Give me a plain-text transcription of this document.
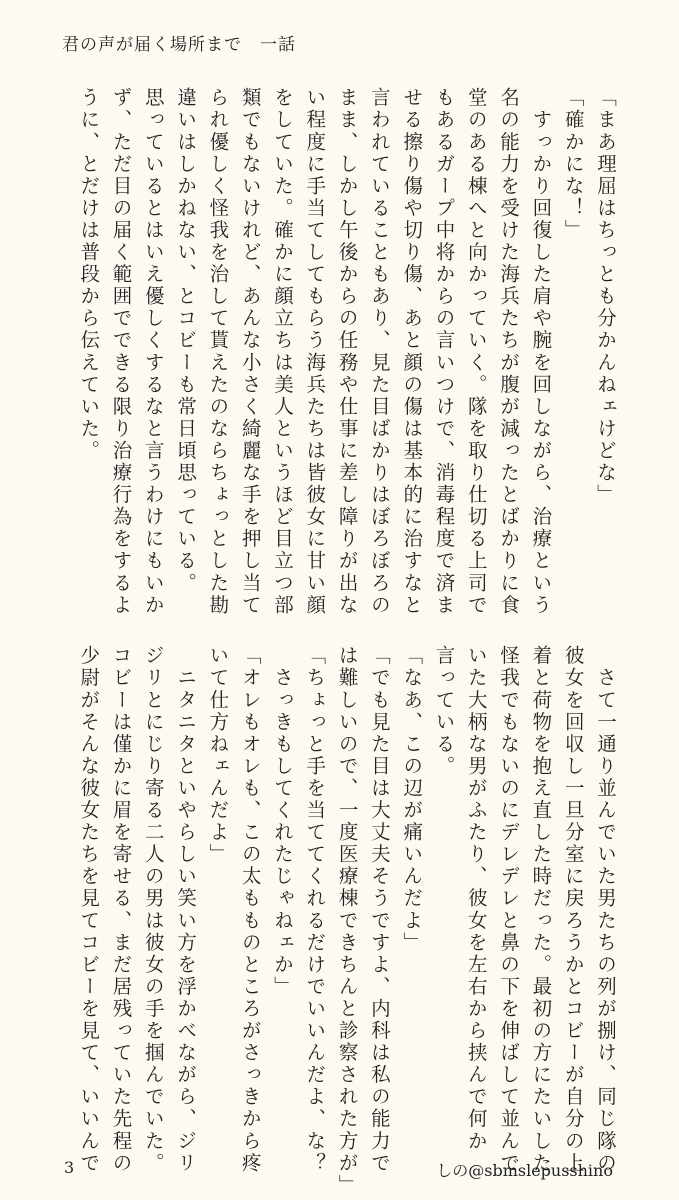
君の声が届く場所まで　一話
「まあ理屈はちっとも分かんねェけどな」
「確かにな！」
　すっかり回復した肩や腕を回しながら、治療という
名の能力を受けた海兵たちが腹が減ったとばかりに食
堂のある棟へと向かっていく。隊を取り仕切る上司で
もあるガープ中将からの言いつけで、消毒程度で済ま
せる擦り傷や切り傷、あと顔の傷は基本的に治すなと
言われていることもあり、見た目ばかりはぼろぼろの
まま、しかし午後からの任務や仕事に差し障りが出な
い程度に手当てしてもらう海兵たちは皆彼女に甘い顔
をしていた。確かに顔立ちは美人というほど目立つ部
類でもないけれど、あんな小さく綺麗な手を押し当て
られ優しく怪我を治して貰えたのならちょっとした勘
違いはしかねない、とコビーも常日頃思っている。
思っているとはいえ優しくするなと言うわけにもいか
ず、ただ目の届く範囲でできる限り治療行為をするよ
うに、とだけは普段から伝えていた。
　さて一通り並んでいた男たちの列が捌け、同じ隊の
彼女を回収し一旦分室に戻ろうかとコビーが自分の上
着と荷物を抱え直した時だった。最初の方にたいした
怪我でもないのにデレデレと鼻の下を伸ばして並んで
いた大柄な男がふたり、彼女を左右から挟んで何か
言っている。
「なあ、この辺が痛いんだよ」
「でも見た目は大丈夫そうですよ、内科は私の能力で
は難しいので、一度医療棟できちんと診察された方が」
「ちょっと手を当ててくれるだけでいいんだよ、な？
　さっきもしてくれたじゃねェか」
「オレもオレも、この太もものところがさっきから疼
いて仕方ねェんだよ」
　ニタニタといやらしい笑い方を浮かべながら、ジリ
ジリとにじり寄る二人の男は彼女の手を掴んでいた。
コビーは僅かに眉を寄せる、まだ居残っていた先程の
少尉がそんな彼女たちを見てコビーを見て、いいんで
3	しの@sbmslepusshino
